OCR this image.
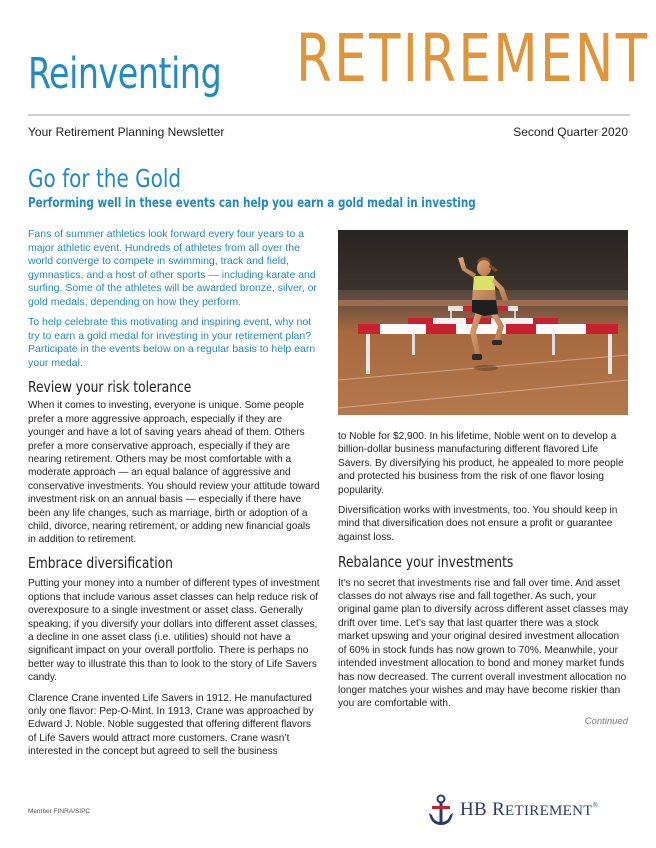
Reinventing RETIREMENT
Your Retirement Planning Newsletter	Second Quarter 2020
Go for the Gold
Performing well in these events can help you earn a gold medal in investing

Fans of summer athletics look forward every four years to a major athletic event. Hundreds of athletes from all over the world converge to compete in swimming, track and field, gymnastics, and a host of other sports — including karate and surfing. Some of the athletes will be awarded bronze, silver, or gold medals, depending on how they perform.

To help celebrate this motivating and inspiring event, why not try to earn a gold medal for investing in your retirement plan? Participate in the events below on a regular basis to help earn your medal.

Review your risk tolerance

When it comes to investing, everyone is unique. Some people prefer a more aggressive approach, especially if they are younger and have a lot of saving years ahead of them. Others prefer a more conservative approach, especially if they are nearing retirement. Others may be most comfortable with a moderate approach — an equal balance of aggressive and conservative investments. You should review your attitude toward investment risk on an annual basis — especially if there have been any life changes, such as marriage, birth or adoption of a child, divorce, nearing retirement, or adding new financial goals in addition to retirement.

Embrace diversification

Putting your money into a number of different types of investment options that include various asset classes can help reduce risk of overexposure to a single investment or asset class. Generally speaking, if you diversify your dollars into different asset classes, a decline in one asset class (i.e. utilities) should not have a significant impact on your overall portfolio. There is perhaps no better way to illustrate this than to look to the story of Life Savers candy.

Clarence Crane invented Life Savers in 1912. He manufactured only one flavor: Pep-O-Mint. In 1913, Crane was approached by Edward J. Noble. Noble suggested that offering different flavors of Life Savers would attract more customers. Crane wasn’t interested in the concept but agreed to sell the business

to Noble for $2,900. In his lifetime, Noble went on to develop a billion-dollar business manufacturing different flavored Life Savers. By diversifying his product, he appealed to more people and protected his business from the risk of one flavor losing popularity.

Diversification works with investments, too. You should keep in mind that diversification does not ensure a profit or guarantee against loss.

Rebalance your investments

It’s no secret that investments rise and fall over time. And asset classes do not always rise and fall together. As such, your original game plan to diversify across different asset classes may drift over time. Let’s say that last quarter there was a stock market upswing and your original desired investment allocation of 60% in stock funds has now grown to 70%. Meanwhile, your intended investment allocation to bond and money market funds has now decreased. The current overall investment allocation no longer matches your wishes and may have become riskier than you are comfortable with.

Continued
Member FINRA/SIPC	HB RETIREMENT®
